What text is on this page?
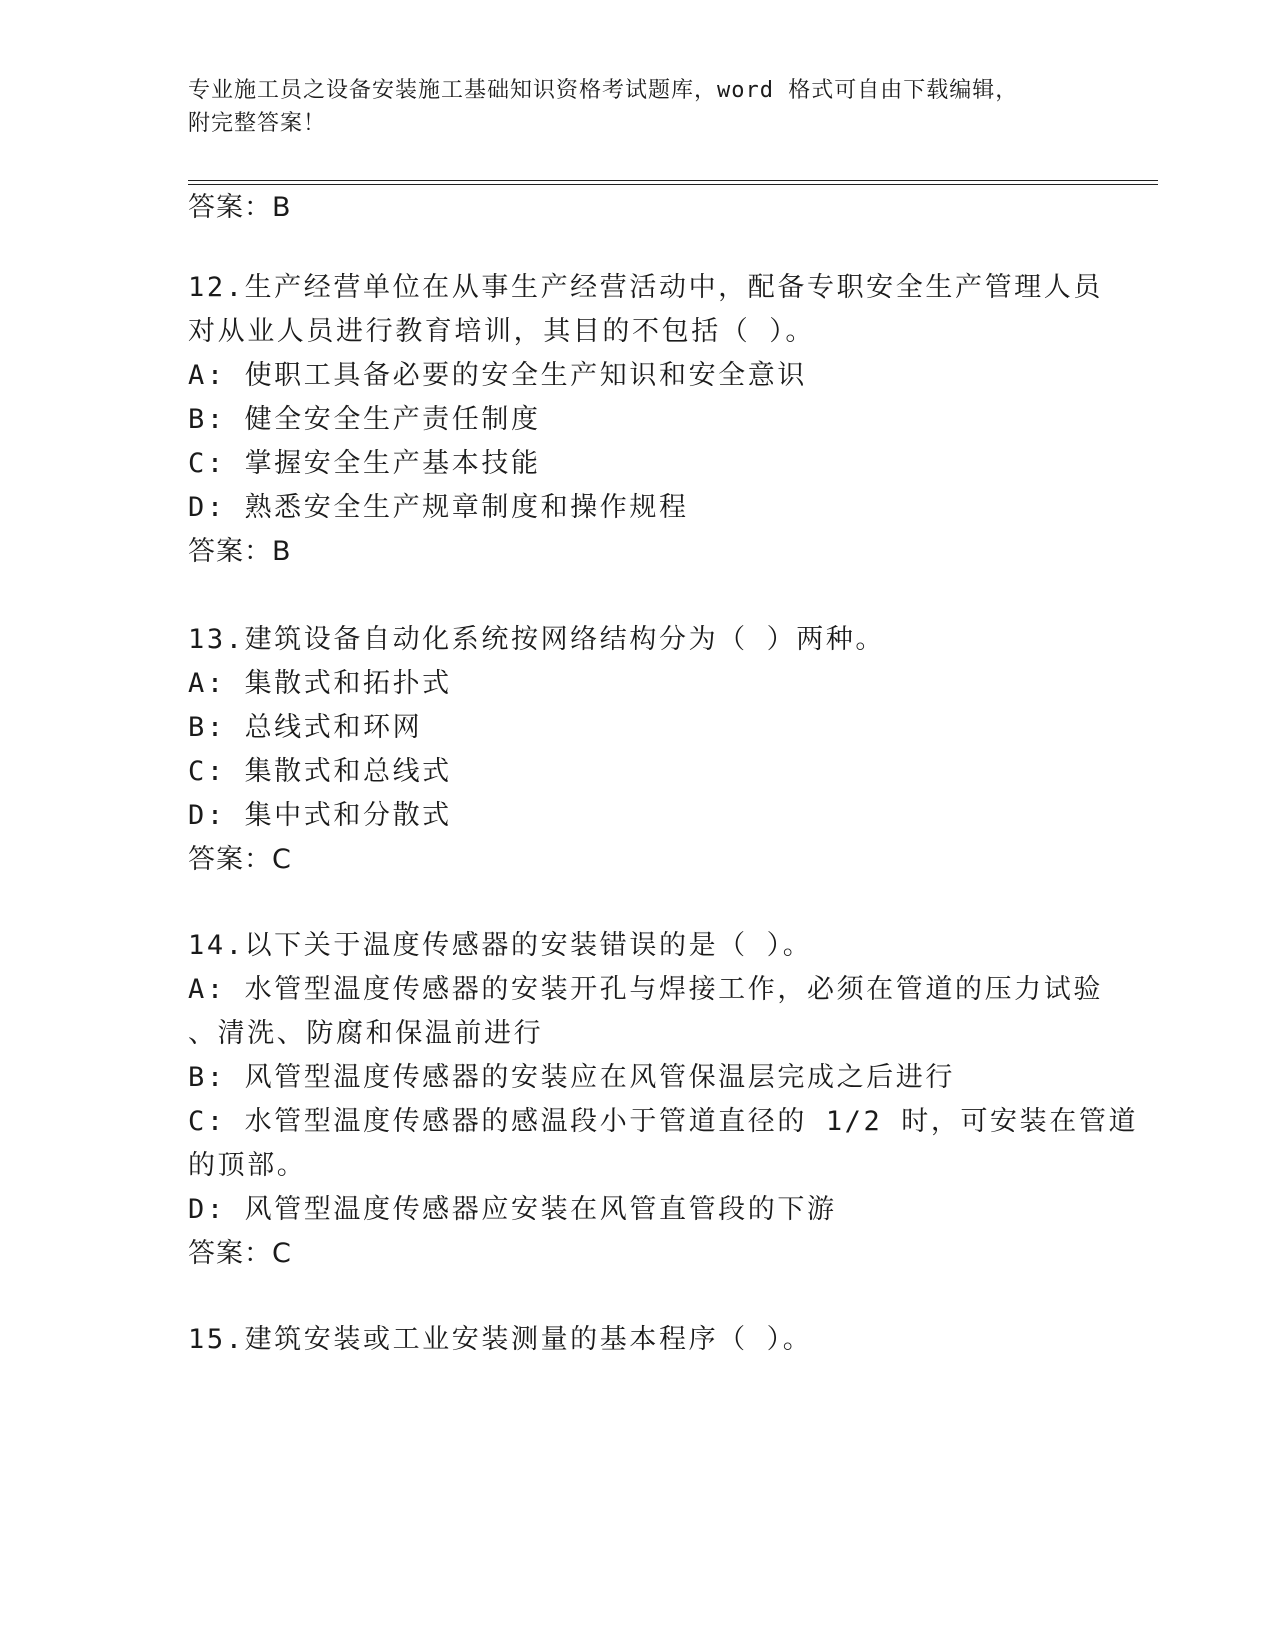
专业施工员之设备安装施工基础知识资格考试题库，word 格式可自由下载编辑，
附完整答案！
答案：B
12.生产经营单位在从事生产经营活动中，配备专职安全生产管理人员
对从业人员进行教育培训，其目的不包括（ ）。
A: 使职工具备必要的安全生产知识和安全意识
B: 健全安全生产责任制度
C: 掌握安全生产基本技能
D: 熟悉安全生产规章制度和操作规程
答案：B
13.建筑设备自动化系统按网络结构分为（ ）两种。
A: 集散式和拓扑式
B: 总线式和环网
C: 集散式和总线式
D: 集中式和分散式
答案：C
14.以下关于温度传感器的安装错误的是（ ）。
A: 水管型温度传感器的安装开孔与焊接工作，必须在管道的压力试验
、清洗、防腐和保温前进行
B: 风管型温度传感器的安装应在风管保温层完成之后进行
C: 水管型温度传感器的感温段小于管道直径的 1/2 时，可安装在管道
的顶部。
D: 风管型温度传感器应安装在风管直管段的下游
答案：C
15.建筑安装或工业安装测量的基本程序（ ）。
